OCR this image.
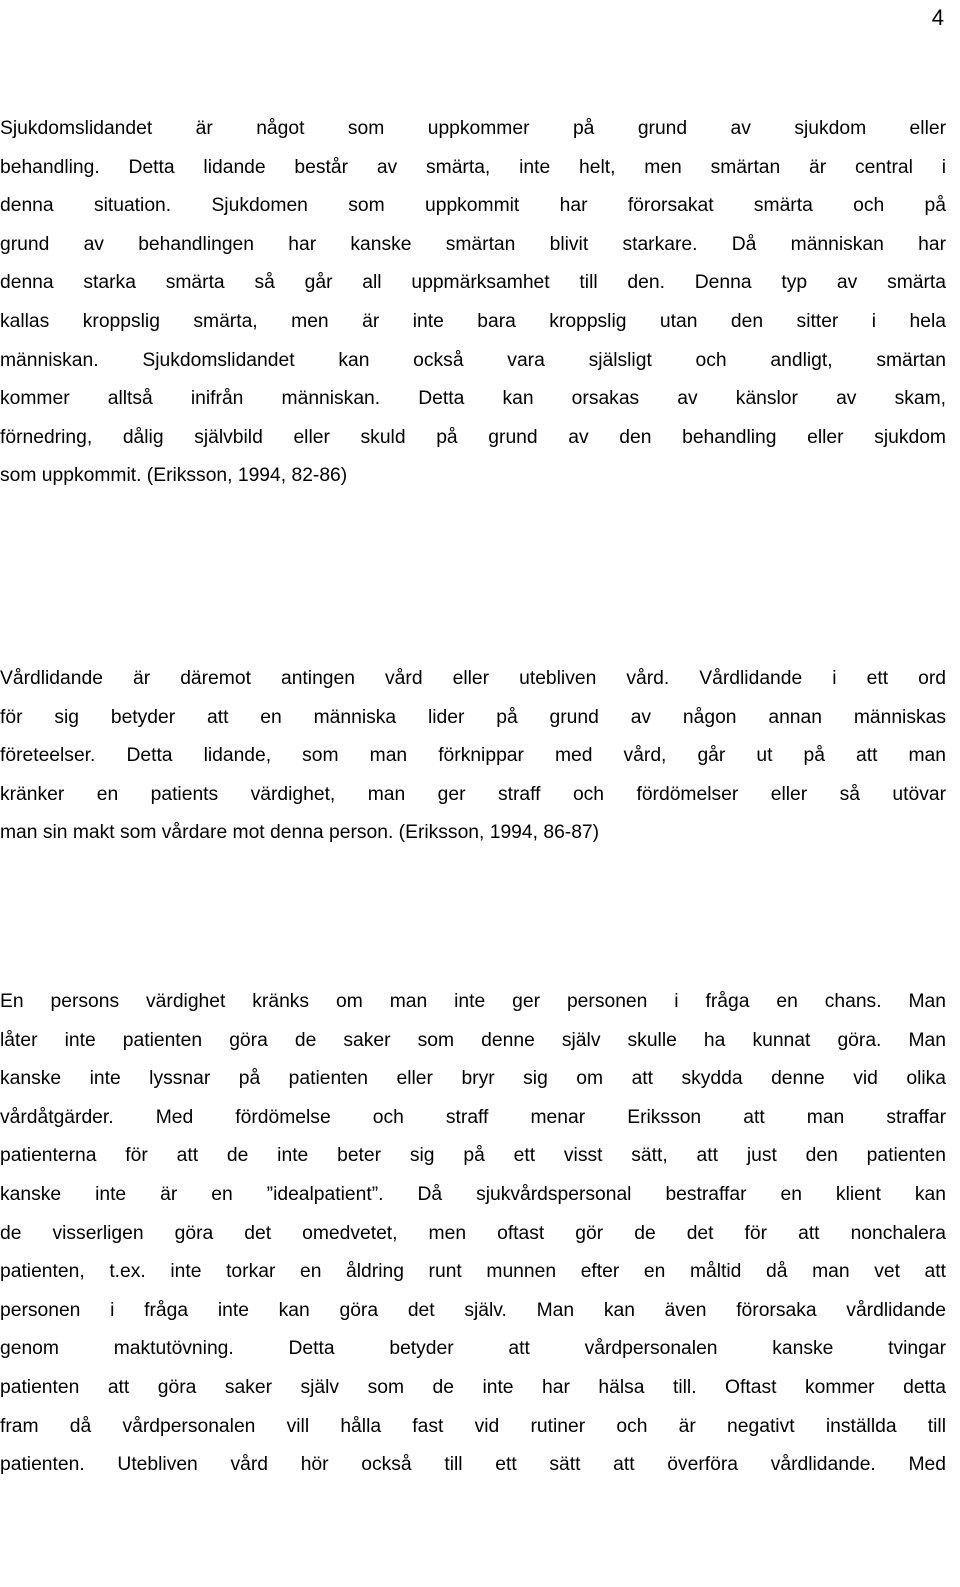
4
Sjukdomslidandet är något som uppkommer på grund av sjukdom eller
behandling. Detta lidande består av smärta, inte helt, men smärtan är central i
denna situation. Sjukdomen som uppkommit har förorsakat smärta och på
grund av behandlingen har kanske smärtan blivit starkare. Då människan har
denna starka smärta så går all uppmärksamhet till den. Denna typ av smärta
kallas kroppslig smärta, men är inte bara kroppslig utan den sitter i hela
människan. Sjukdomslidandet kan också vara själsligt och andligt, smärtan
kommer alltså inifrån människan. Detta kan orsakas av känslor av skam,
förnedring, dålig självbild eller skuld på grund av den behandling eller sjukdom
som uppkommit. (Eriksson, 1994, 82-86)
Vårdlidande är däremot antingen vård eller utebliven vård. Vårdlidande i ett ord
för sig betyder att en människa lider på grund av någon annan människas
företeelser. Detta lidande, som man förknippar med vård, går ut på att man
kränker en patients värdighet, man ger straff och fördömelser eller så utövar
man sin makt som vårdare mot denna person. (Eriksson, 1994, 86-87)
En persons värdighet kränks om man inte ger personen i fråga en chans. Man
låter inte patienten göra de saker som denne själv skulle ha kunnat göra. Man
kanske inte lyssnar på patienten eller bryr sig om att skydda denne vid olika
vårdåtgärder. Med fördömelse och straff menar Eriksson att man straffar
patienterna för att de inte beter sig på ett visst sätt, att just den patienten
kanske inte är en ”idealpatient”. Då sjukvårdspersonal bestraffar en klient kan
de visserligen göra det omedvetet, men oftast gör de det för att nonchalera
patienten, t.ex. inte torkar en åldring runt munnen efter en måltid då man vet att
personen i fråga inte kan göra det själv. Man kan även förorsaka vårdlidande
genom maktutövning. Detta betyder att vårdpersonalen kanske tvingar
patienten att göra saker själv som de inte har hälsa till. Oftast kommer detta
fram då vårdpersonalen vill hålla fast vid rutiner och är negativt inställda till
patienten. Utebliven vård hör också till ett sätt att överföra vårdlidande. Med
